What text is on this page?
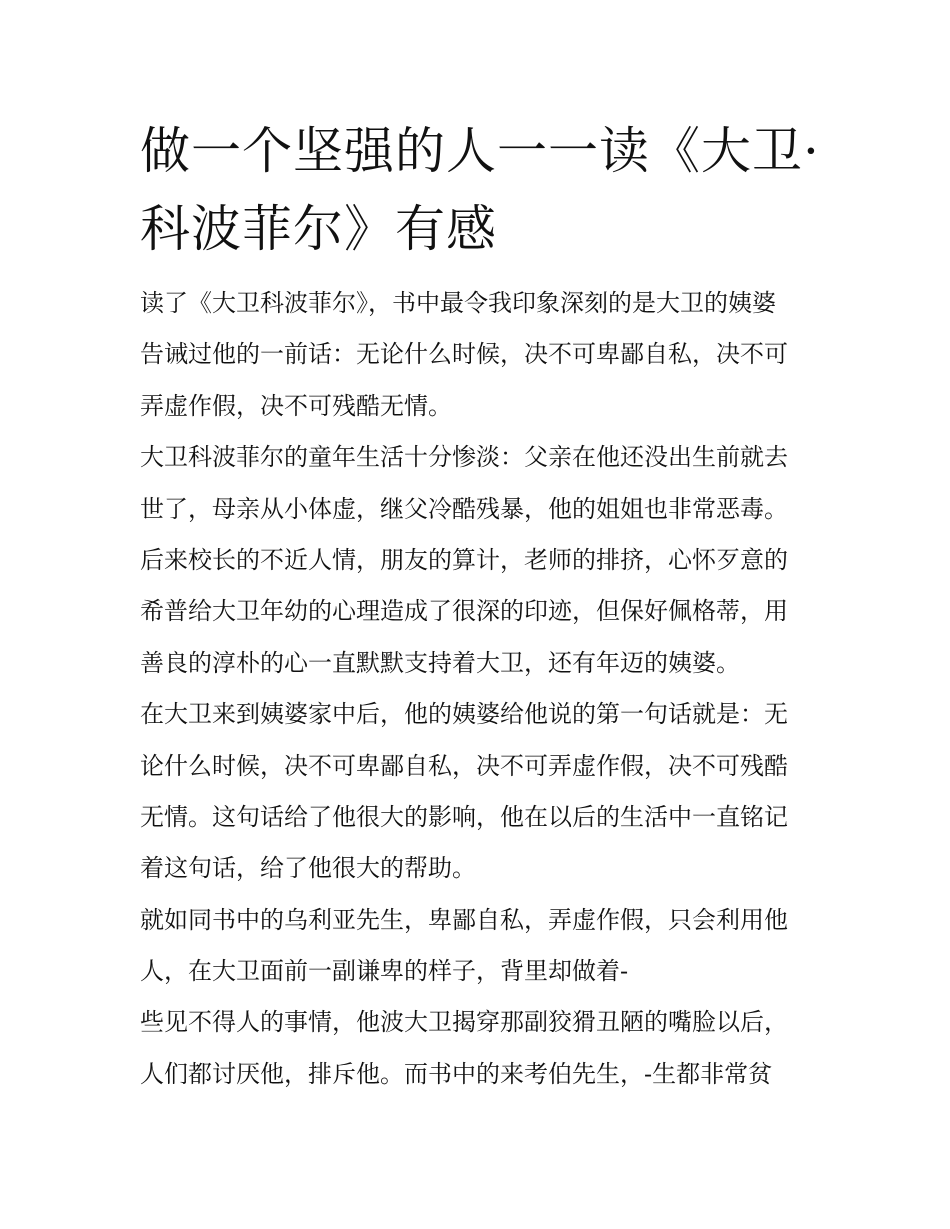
做一个坚强的人一一读《大卫·
科波菲尔》有感
读了《大卫科波菲尔》，书中最令我印象深刻的是大卫的姨婆
告诫过他的一前话：无论什么时候，决不可卑鄙自私，决不可
弄虚作假，决不可残酷无情。
大卫科波菲尔的童年生活十分惨淡：父亲在他还没出生前就去
世了，母亲从小体虚，继父冷酷残暴，他的姐姐也非常恶毒。
后来校长的不近人情，朋友的算计，老师的排挤，心怀歹意的
希普给大卫年幼的心理造成了很深的印迹，但保好佩格蒂，用
善良的淳朴的心一直默默支持着大卫，还有年迈的姨婆。
在大卫来到姨婆家中后，他的姨婆给他说的第一句话就是：无
论什么时候，决不可卑鄙自私，决不可弄虚作假，决不可残酷
无情。这句话给了他很大的影响，他在以后的生活中一直铭记
着这句话，给了他很大的帮助。
就如同书中的乌利亚先生，卑鄙自私，弄虚作假，只会利用他
人，在大卫面前一副谦卑的样子，背里却做着-
些见不得人的事情，他波大卫揭穿那副狡猾丑陋的嘴脸以后，
人们都讨厌他，排斥他。而书中的来考伯先生，-生都非常贫
